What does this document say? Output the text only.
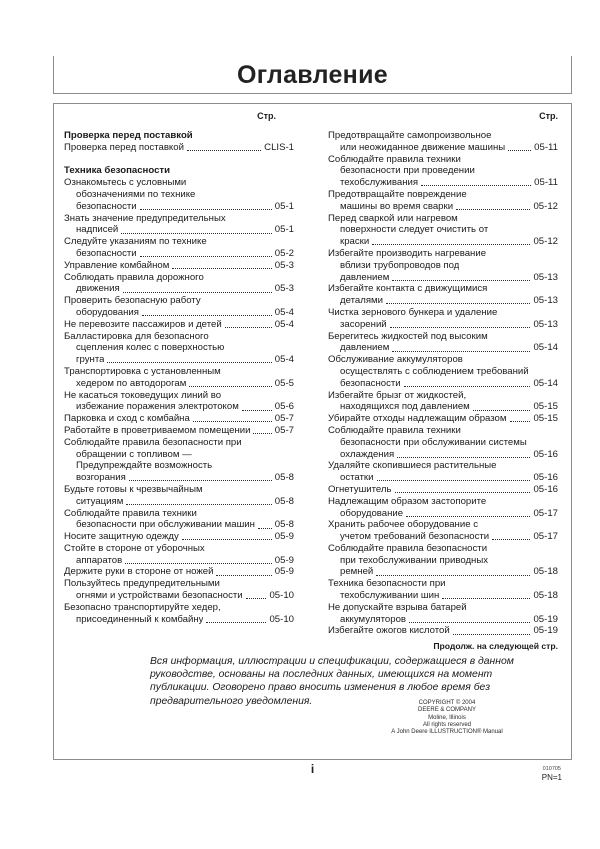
Оглавление
Стр.
Проверка перед поставкой
Проверка перед поставкой	CLIS-1
Техника безопасности
Ознакомьтесь с условными
обозначениями по технике
безопасности	05-1
Знать значение предупредительных
надписей	05-1
Следуйте указаниям по технике
безопасности	05-2
Управление комбайном	05-3
Соблюдать правила дорожного
движения	05-3
Проверить безопасную работу
оборудования	05-4
Не перевозите пассажиров и детей	05-4
Балластировка для безопасного
сцепления колес с поверхностью
грунта	05-4
Транспортировка с установленным
хедером по автодорогам	05-5
Не касаться токоведущих линий во
избежание поражения электротоком	05-6
Парковка и сход с комбайна	05-7
Работайте в проветриваемом помещении	05-7
Соблюдайте правила безопасности при
обращении с топливом —
Предупреждайте возможность
возгорания	05-8
Будьте готовы к чрезвычайным
ситуациям	05-8
Соблюдайте правила техники
безопасности при обслуживании машин 05-8
Носите защитную одежду	05-9
Стойте в стороне от уборочных
аппаратов	05-9
Держите руки в стороне от ножей	05-9
Пользуйтесь предупредительными
огнями и устройствами безопасности	05-10
Безопасно транспортируйте хедер,
присоединенный к комбайну	05-10
Стр.
Предотвращайте самопроизвольное
или неожиданное движение машины	05-11
Соблюдайте правила техники
безопасности при проведении
техобслуживания	05-11
Предотвращайте повреждение
машины во время сварки	05-12
Перед сваркой или нагревом
поверхности следует очистить от
краски	05-12
Избегайте производить нагревание
вблизи трубопроводов под
давлением	05-13
Избегайте контакта с движущимися
деталями	05-13
Чистка зернового бункера и удаление
засорений	05-13
Берегитесь жидкостей под высоким
давлением	05-14
Обслуживание аккумуляторов
осуществлять с соблюдением требований
безопасности	05-14
Избегайте брызг от жидкостей,
находящихся под давлением	05-15
Убирайте отходы надлежащим образом	05-15
Соблюдайте правила техники
безопасности при обслуживании системы
охлаждения	05-16
Удаляйте скопившиеся растительные
остатки	05-16
Огнетушитель	05-16
Надлежащим образом застопорите
оборудование	05-17
Хранить рабочее оборудование с
учетом требований безопасности	05-17
Соблюдайте правила безопасности
при техобслуживании приводных
ремней	05-18
Техника безопасности при
техобслуживании шин	05-18
Не допускайте взрыва батарей
аккумуляторов	05-19
Избегайте ожогов кислотой	05-19
Продолж. на следующей стр.
Вся информация, иллюстрации и спецификации, содержащиеся в данном
руководстве, основаны на последних данных, имеющихся на момент
публикации. Оговорено право вносить изменения в любое время без
предварительного уведомления.	COPYRIGHT © 2004
DEERE & COMPANY
Moline, Illinois
All rights reserved
A John Deere ILLUSTRUCTION® Manual
i	010705
PN=1
